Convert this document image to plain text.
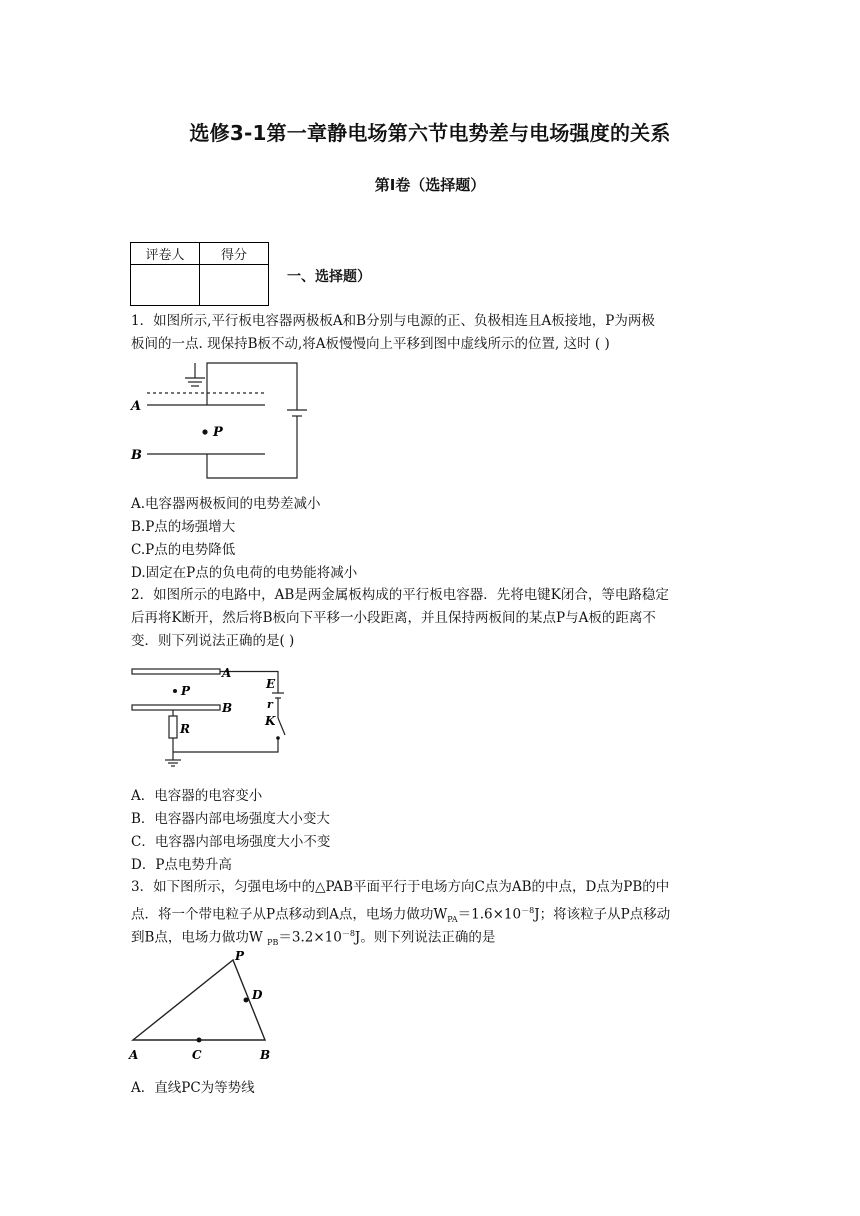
选修3-1第一章静电场第六节电势差与电场强度的关系
第I卷（选择题）
评卷人	得分

一、选择题）
1．如图所示,平行板电容器两极板A和B分别与电源的正、负极相连且A板接地，P为两极
板间的一点. 现保持B板不动,将A板慢慢向上平移到图中虚线所示的位置, 这时 ( )
A
B
P
A.电容器两极板间的电势差减小
B.P点的场强增大
C.P点的电势降低
D.固定在P点的负电荷的电势能将减小
2．如图所示的电路中，AB是两金属板构成的平行板电容器．先将电键K闭合，等电路稳定
后再将K断开，然后将B板向下平移一小段距离，并且保持两板间的某点P与A板的距离不
变．则下列说法正确的是( )
A
B
P
R
E
r
K
A．电容器的电容变小
B．电容器内部电场强度大小变大
C．电容器内部电场强度大小不变
D．P点电势升高
3．如下图所示，匀强电场中的△PAB平面平行于电场方向C点为AB的中点，D点为PB的中
点．将一个带电粒子从P点移动到A点，电场力做功$W_{PA}=1.6\times 10^{-8}J$；将该粒子从P点移动
到B点，电场力做功W $_{PB}=3.2\times 10^{-8}J$。则下列说法正确的是
P
D
A	C	B
A．直线PC为等势线
